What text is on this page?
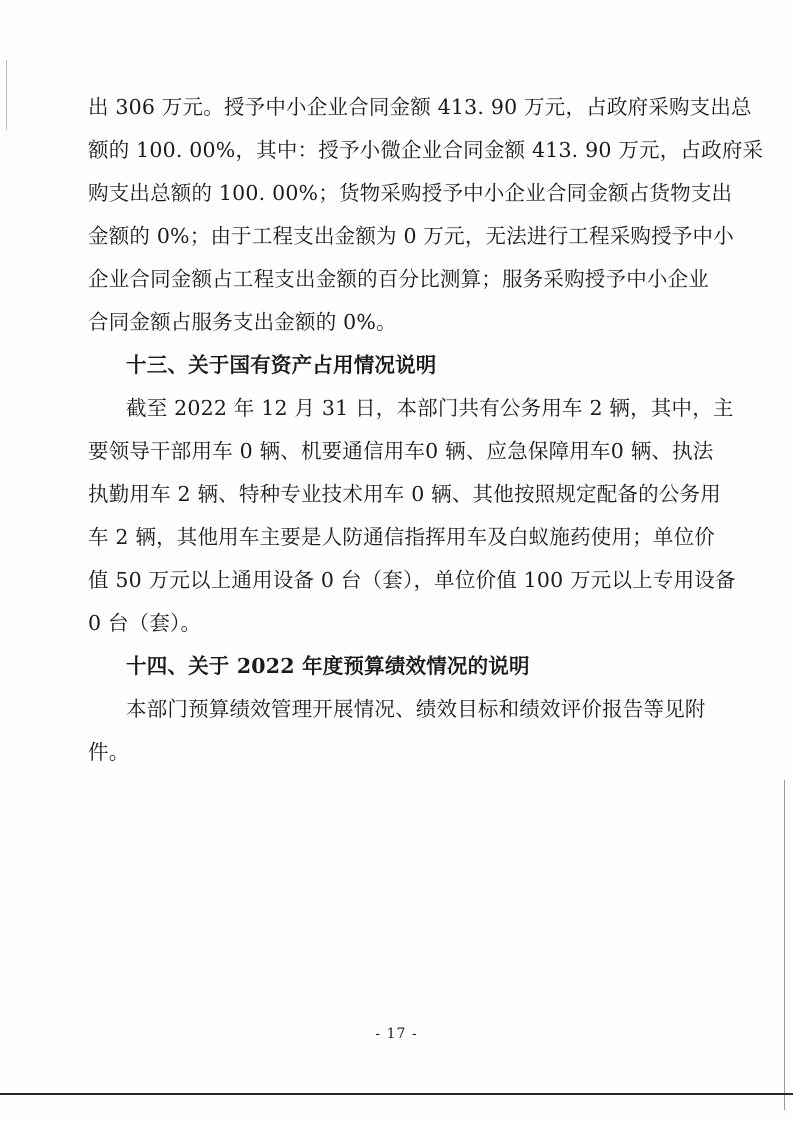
出 306 万元。授予中小企业合同金额 413. 90 万元，占政府采购支出总
额的 100. 00%，其中：授予小微企业合同金额 413. 90 万元，占政府采
购支出总额的 100. 00%；货物采购授予中小企业合同金额占货物支出
金额的 0%；由于工程支出金额为 0 万元，无法进行工程采购授予中小
企业合同金额占工程支出金额的百分比测算；服务采购授予中小企业
合同金额占服务支出金额的 0%。
十三、关于国有资产占用情况说明
截至 2022 年 12 月 31 日，本部门共有公务用车 2 辆，其中，主
要领导干部用车 0 辆、机要通信用车0 辆、应急保障用车0 辆、执法
执勤用车 2 辆、特种专业技术用车 0 辆、其他按照规定配备的公务用
车 2 辆，其他用车主要是人防通信指挥用车及白蚁施药使用；单位价
值 50 万元以上通用设备 0 台（套），单位价值 100 万元以上专用设备
0 台（套）。
十四、关于 2022 年度预算绩效情况的说明
本部门预算绩效管理开展情况、绩效目标和绩效评价报告等见附
件。
- 17 -
